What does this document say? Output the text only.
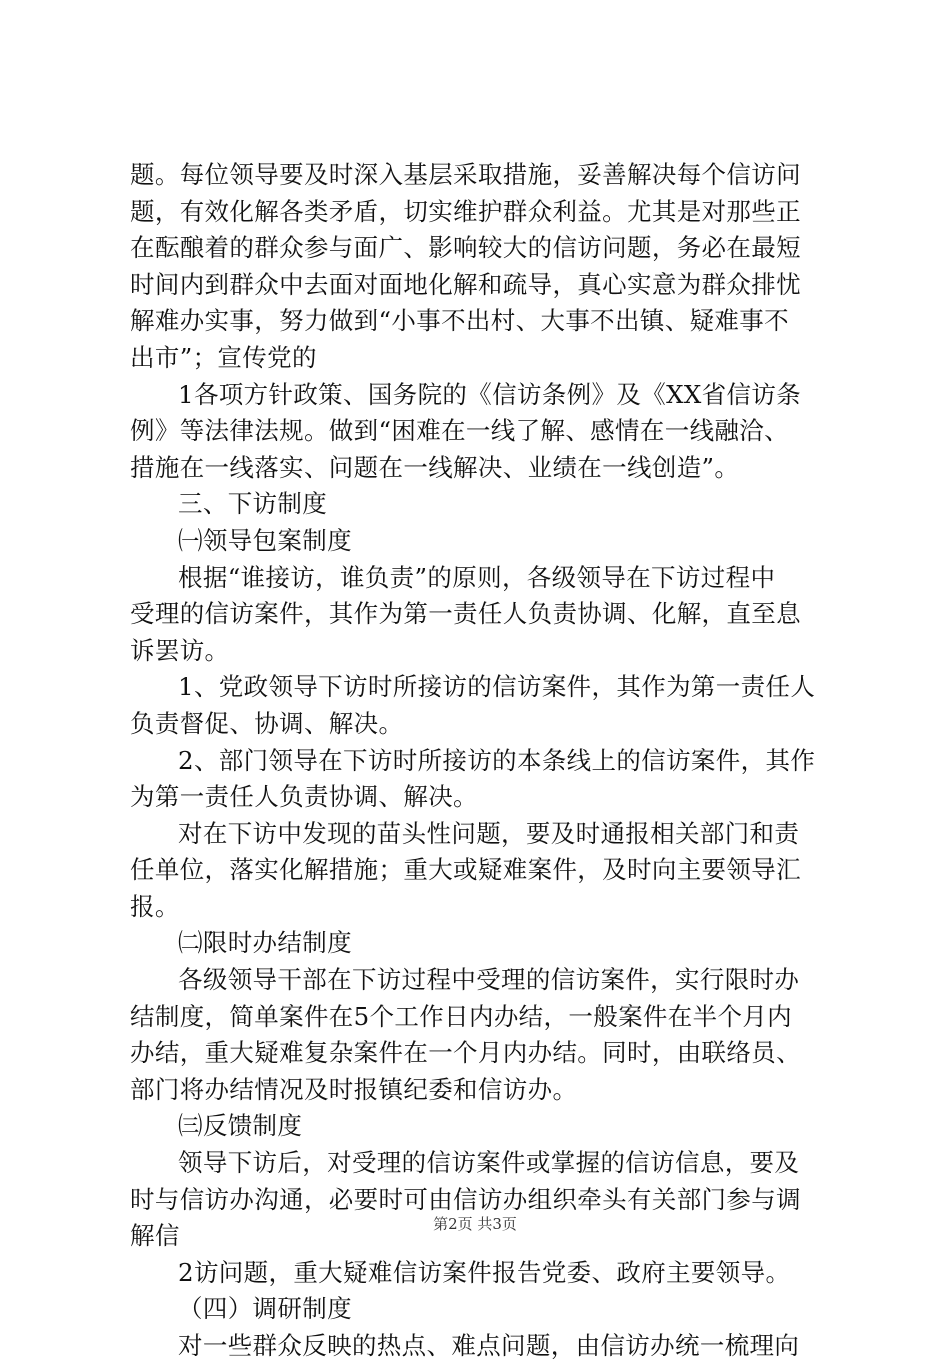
题。每位领导要及时深入基层采取措施，妥善解决每个信访问
题，有效化解各类矛盾，切实维护群众利益。尤其是对那些正
在酝酿着的群众参与面广、影响较大的信访问题，务必在最短
时间内到群众中去面对面地化解和疏导，真心实意为群众排忧
解难办实事，努力做到“小事不出村、大事不出镇、疑难事不
出市”；宣传党的
1各项方针政策、国务院的《信访条例》及《XX省信访条
例》等法律法规。做到“困难在一线了解、感情在一线融洽、
措施在一线落实、问题在一线解决、业绩在一线创造”。
三、下访制度
㈠领导包案制度
根据“谁接访，谁负责”的原则，各级领导在下访过程中
受理的信访案件，其作为第一责任人负责协调、化解，直至息
诉罢访。
1、党政领导下访时所接访的信访案件，其作为第一责任人
负责督促、协调、解决。
2、部门领导在下访时所接访的本条线上的信访案件，其作
为第一责任人负责协调、解决。
对在下访中发现的苗头性问题，要及时通报相关部门和责
任单位，落实化解措施；重大或疑难案件，及时向主要领导汇
报。
㈡限时办结制度
各级领导干部在下访过程中受理的信访案件，实行限时办
结制度，简单案件在5个工作日内办结，一般案件在半个月内
办结，重大疑难复杂案件在一个月内办结。同时，由联络员、
部门将办结情况及时报镇纪委和信访办。
㈢反馈制度
领导下访后，对受理的信访案件或掌握的信访信息，要及
时与信访办沟通，必要时可由信访办组织牵头有关部门参与调
解信
2访问题，重大疑难信访案件报告党委、政府主要领导。
（四）调研制度
对一些群众反映的热点、难点问题，由信访办统一梳理向
第2页 共3页
